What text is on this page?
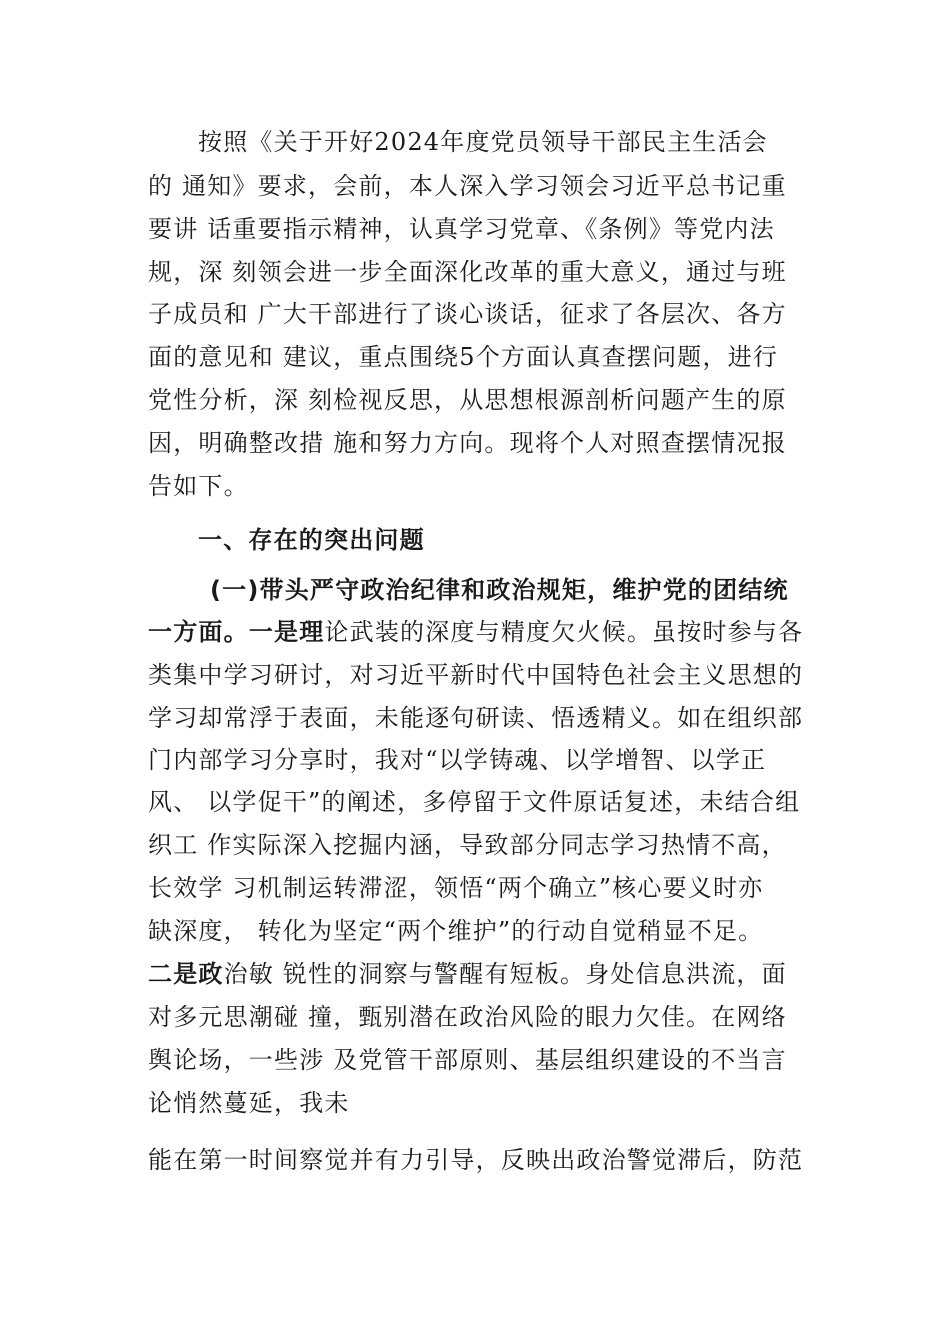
按照《关于开好2024年度党员领导干部民主生活会
的 通知》要求，会前，本人深入学习领会习近平总书记重
要讲 话重要指示精神，认真学习党章、《条例》等党内法
规，深 刻领会进一步全面深化改革的重大意义，通过与班
子成员和 广大干部进行了谈心谈话，征求了各层次、各方
面的意见和 建议，重点围绕5个方面认真查摆问题，进行
党性分析，深 刻检视反思，从思想根源剖析问题产生的原
因，明确整改措 施和努力方向。现将个人对照查摆情况报
告如下。
一、存在的突出问题
(一)带头严守政治纪律和政治规矩，维护党的团结统
一方面。一是理论武装的深度与精度欠火候。虽按时参与各
类集中学习研讨，对习近平新时代中国特色社会主义思想的
学习却常浮于表面，未能逐句研读、悟透精义。如在组织部
门内部学习分享时，我对“以学铸魂、以学增智、以学正
风、 以学促干”的阐述，多停留于文件原话复述，未结合组
织工 作实际深入挖掘内涵，导致部分同志学习热情不高，
长效学 习机制运转滞涩，领悟“两个确立”核心要义时亦
缺深度， 转化为坚定“两个维护”的行动自觉稍显不足。
二是政治敏 锐性的洞察与警醒有短板。身处信息洪流，面
对多元思潮碰 撞，甄别潜在政治风险的眼力欠佳。在网络
舆论场，一些涉 及党管干部原则、基层组织建设的不当言
论悄然蔓延，我未
能在第一时间察觉并有力引导，反映出政治警觉滞后，防范
